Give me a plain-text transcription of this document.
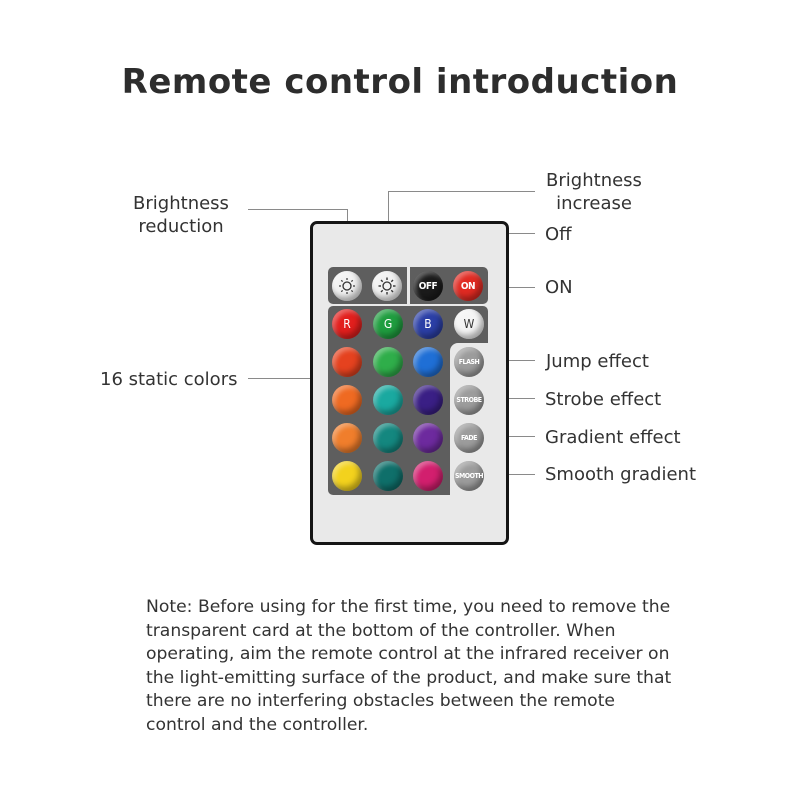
Remote control introduction
Brightness
reduction
Brightness
increase
Off
ON
16 static colors
Jump effect
Strobe effect
Gradient effect
Smooth gradient
OFF ON
R	G	B	W
FLASH
STROBE
FADE
SMOOTH
Note: Before using for the first time, you need to remove the
transparent card at the bottom of the controller. When
operating, aim the remote control at the infrared receiver on
the light-emitting surface of the product, and make sure that
there are no interfering obstacles between the remote
control and the controller.
